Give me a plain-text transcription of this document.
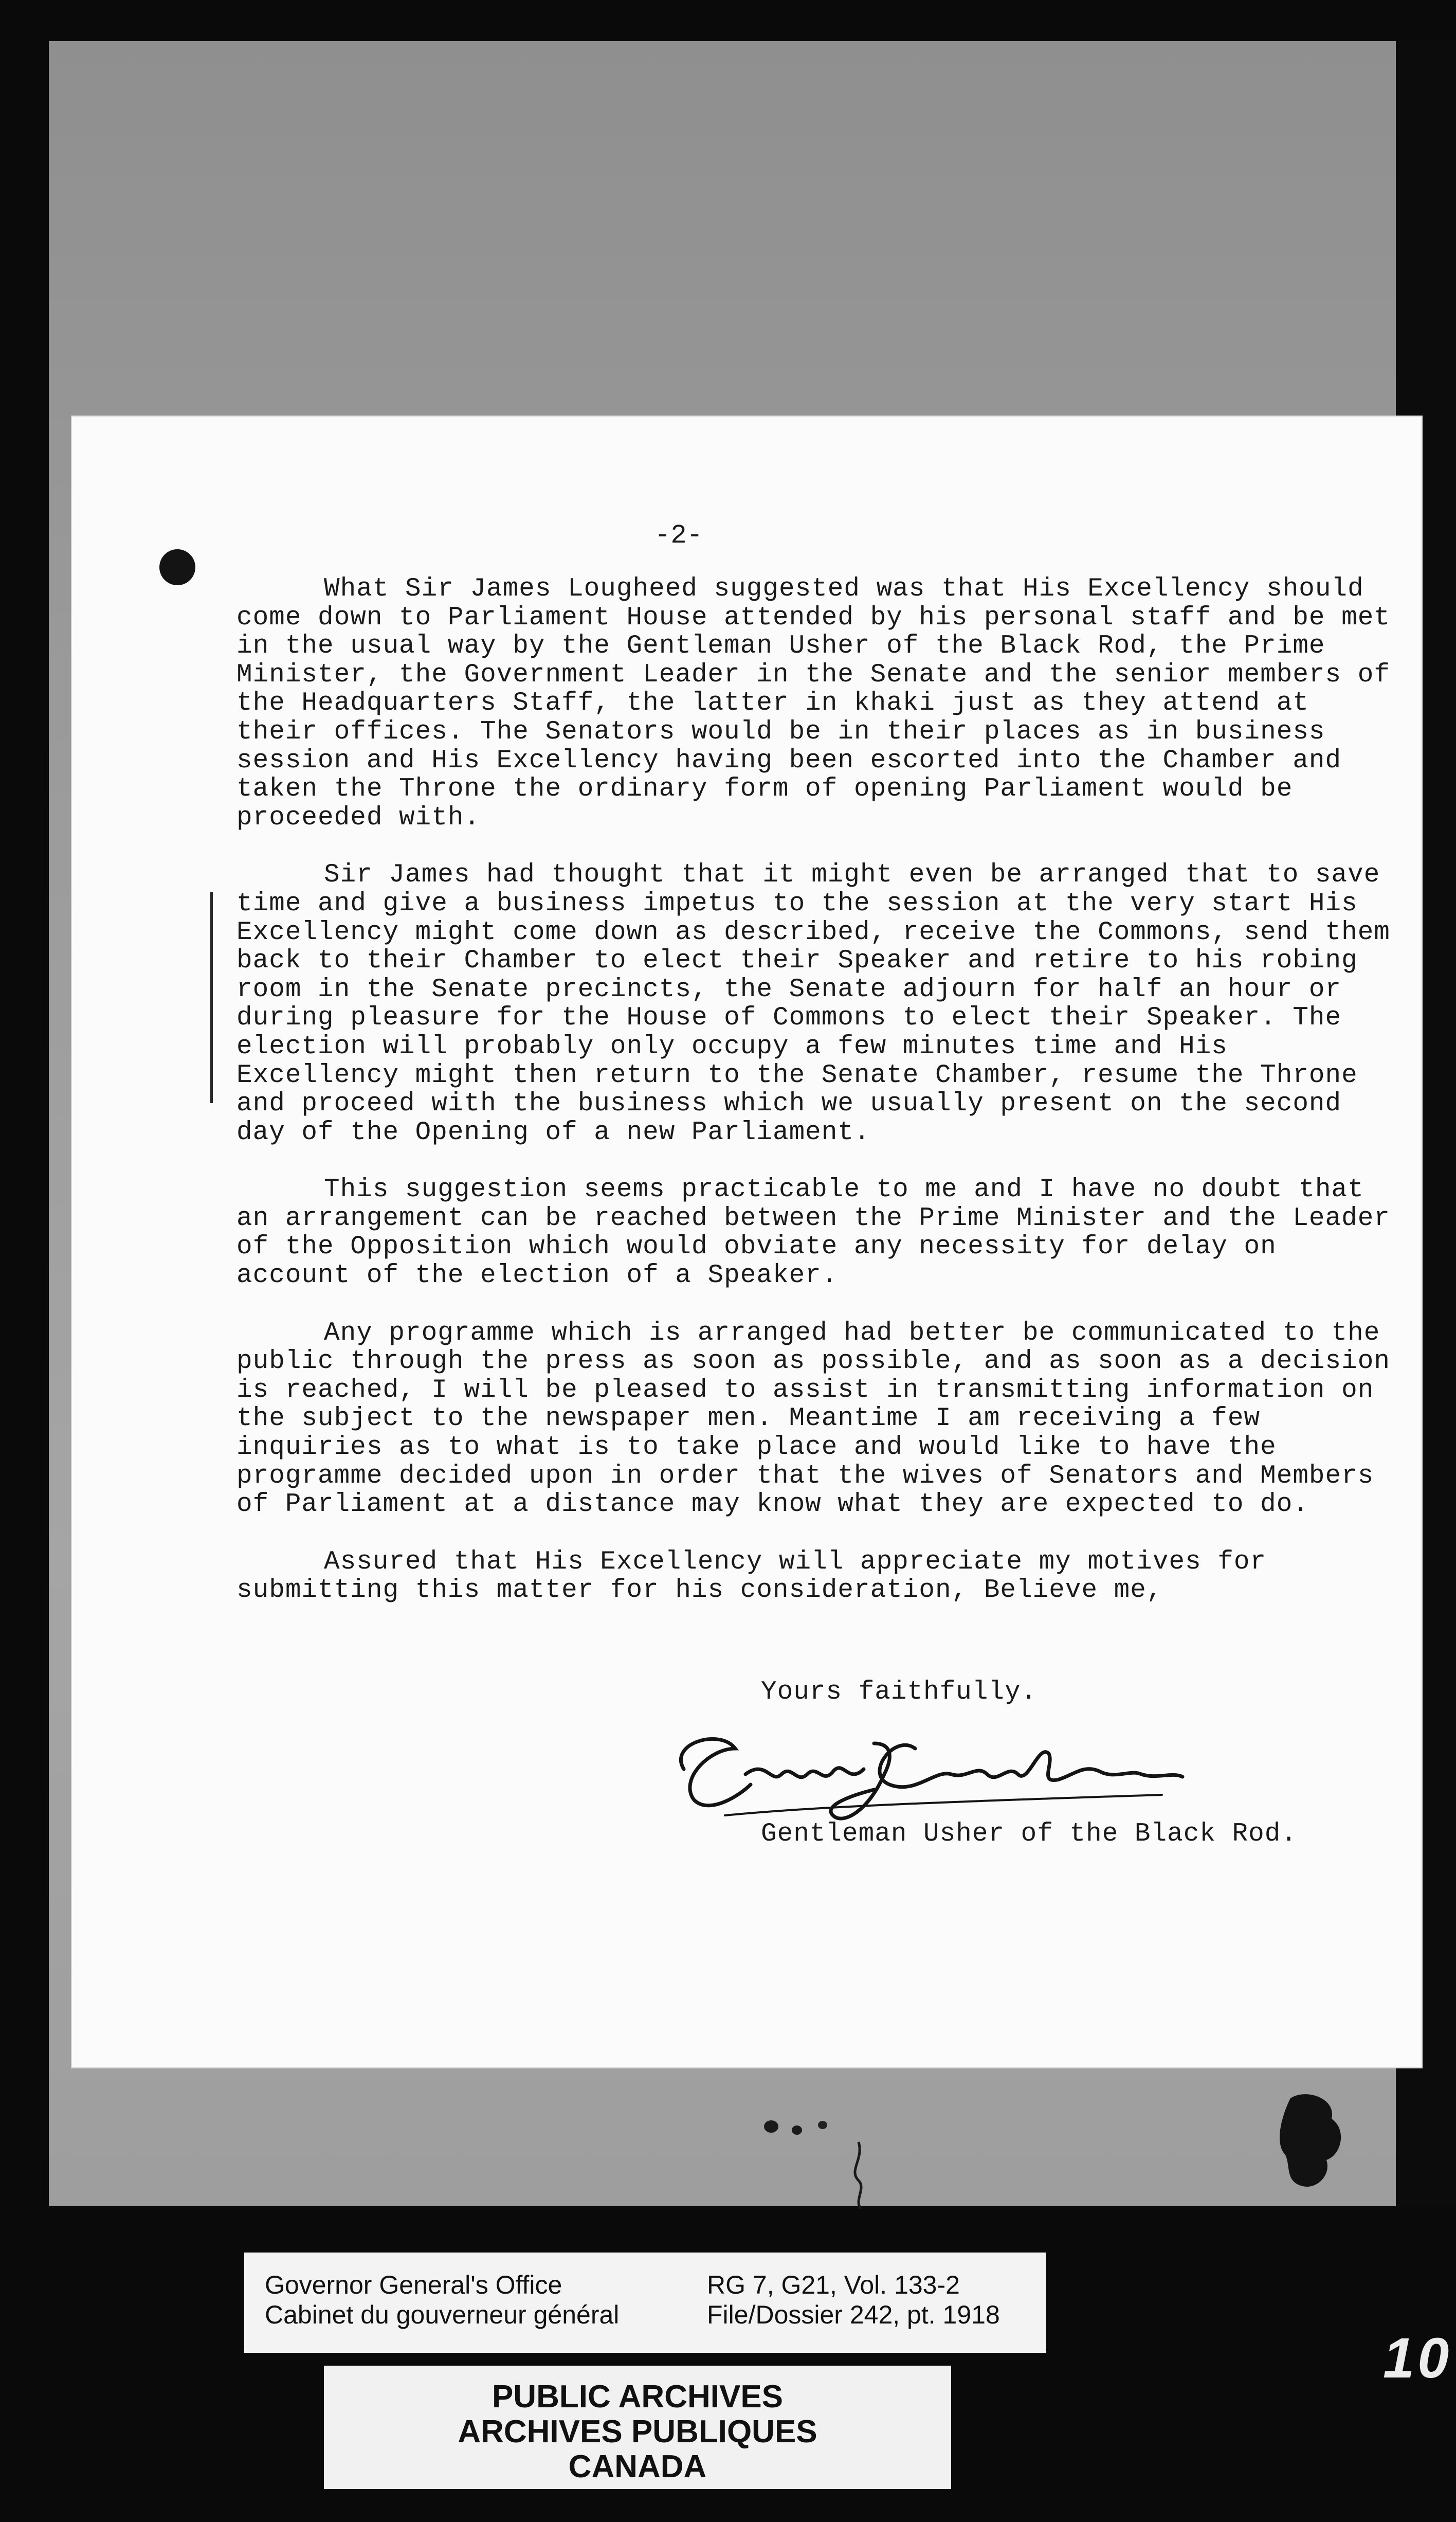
-2-

What Sir James Lougheed suggested was that His Excellency should come down to Parliament House attended by his personal staff and be met in the usual way by the Gentleman Usher of the Black Rod, the Prime Minister, the Government Leader in the Senate and the senior members of the Headquarters Staff, the latter in khaki just as they attend at their offices. The Senators would be in their places as in business session and His Excellency having been escorted into the Chamber and taken the Throne the ordinary form of opening Parliament would be proceeded with.

Sir James had thought that it might even be arranged that to save time and give a business impetus to the session at the very start His Excellency might come down as described, receive the Commons, send them back to their Chamber to elect their Speaker and retire to his robing room in the Senate precincts, the Senate adjourn for half an hour or during pleasure for the House of Commons to elect their Speaker. The election will probably only occupy a few minutes time and His Excellency might then return to the Senate Chamber, resume the Throne and proceed with the business which we usually present on the second day of the Opening of a new Parliament.

This suggestion seems practicable to me and I have no doubt that an arrangement can be reached between the Prime Minister and the Leader of the Opposition which would obviate any necessity for delay on account of the election of a Speaker.

Any programme which is arranged had better be communicated to the public through the press as soon as possible, and as soon as a decision is reached, I will be pleased to assist in transmitting information on the subject to the newspaper men. Meantime I am receiving a few inquiries as to what is to take place and would like to have the programme decided upon in order that the wives of Senators and Members of Parliament at a distance may know what they are expected to do.

Assured that His Excellency will appreciate my motives for submitting this matter for his consideration, Believe me,

Yours faithfully.
Gentleman Usher of the Black Rod.
Governor General's Office
Cabinet du gouverneur général
RG 7, G21, Vol. 133-2
File/Dossier 242, pt. 1918
PUBLIC ARCHIVES
ARCHIVES PUBLIQUES
CANADA
10
